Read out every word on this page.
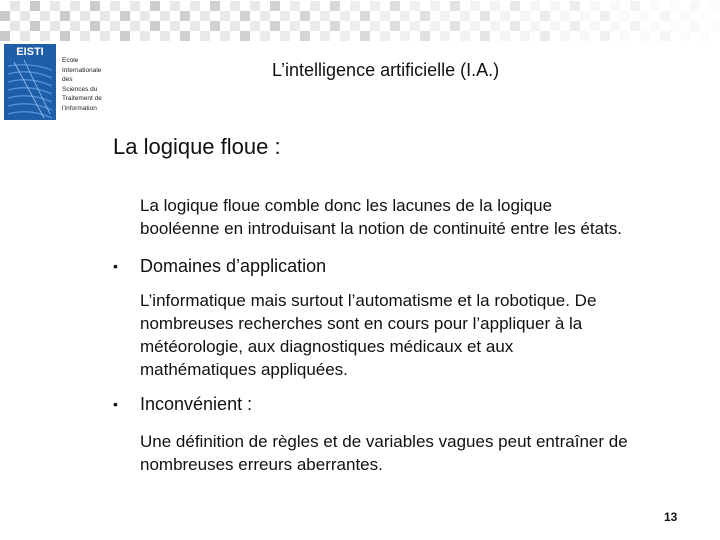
EISTI
Ecole
Internationale
des
Sciences du
Traitement de
l'information
L’intelligence artificielle (I.A.)
La logique floue :
La logique floue comble donc les lacunes de la logique
booléenne en introduisant la notion de continuité entre les états.
• Domaines d’application
L’informatique mais surtout l’automatisme et la robotique. De
nombreuses recherches sont en cours pour l’appliquer à la
météorologie, aux diagnostiques médicaux et aux
mathématiques appliquées.
• Inconvénient :
Une définition de règles et de variables vagues peut entraîner de
nombreuses erreurs aberrantes.
13
